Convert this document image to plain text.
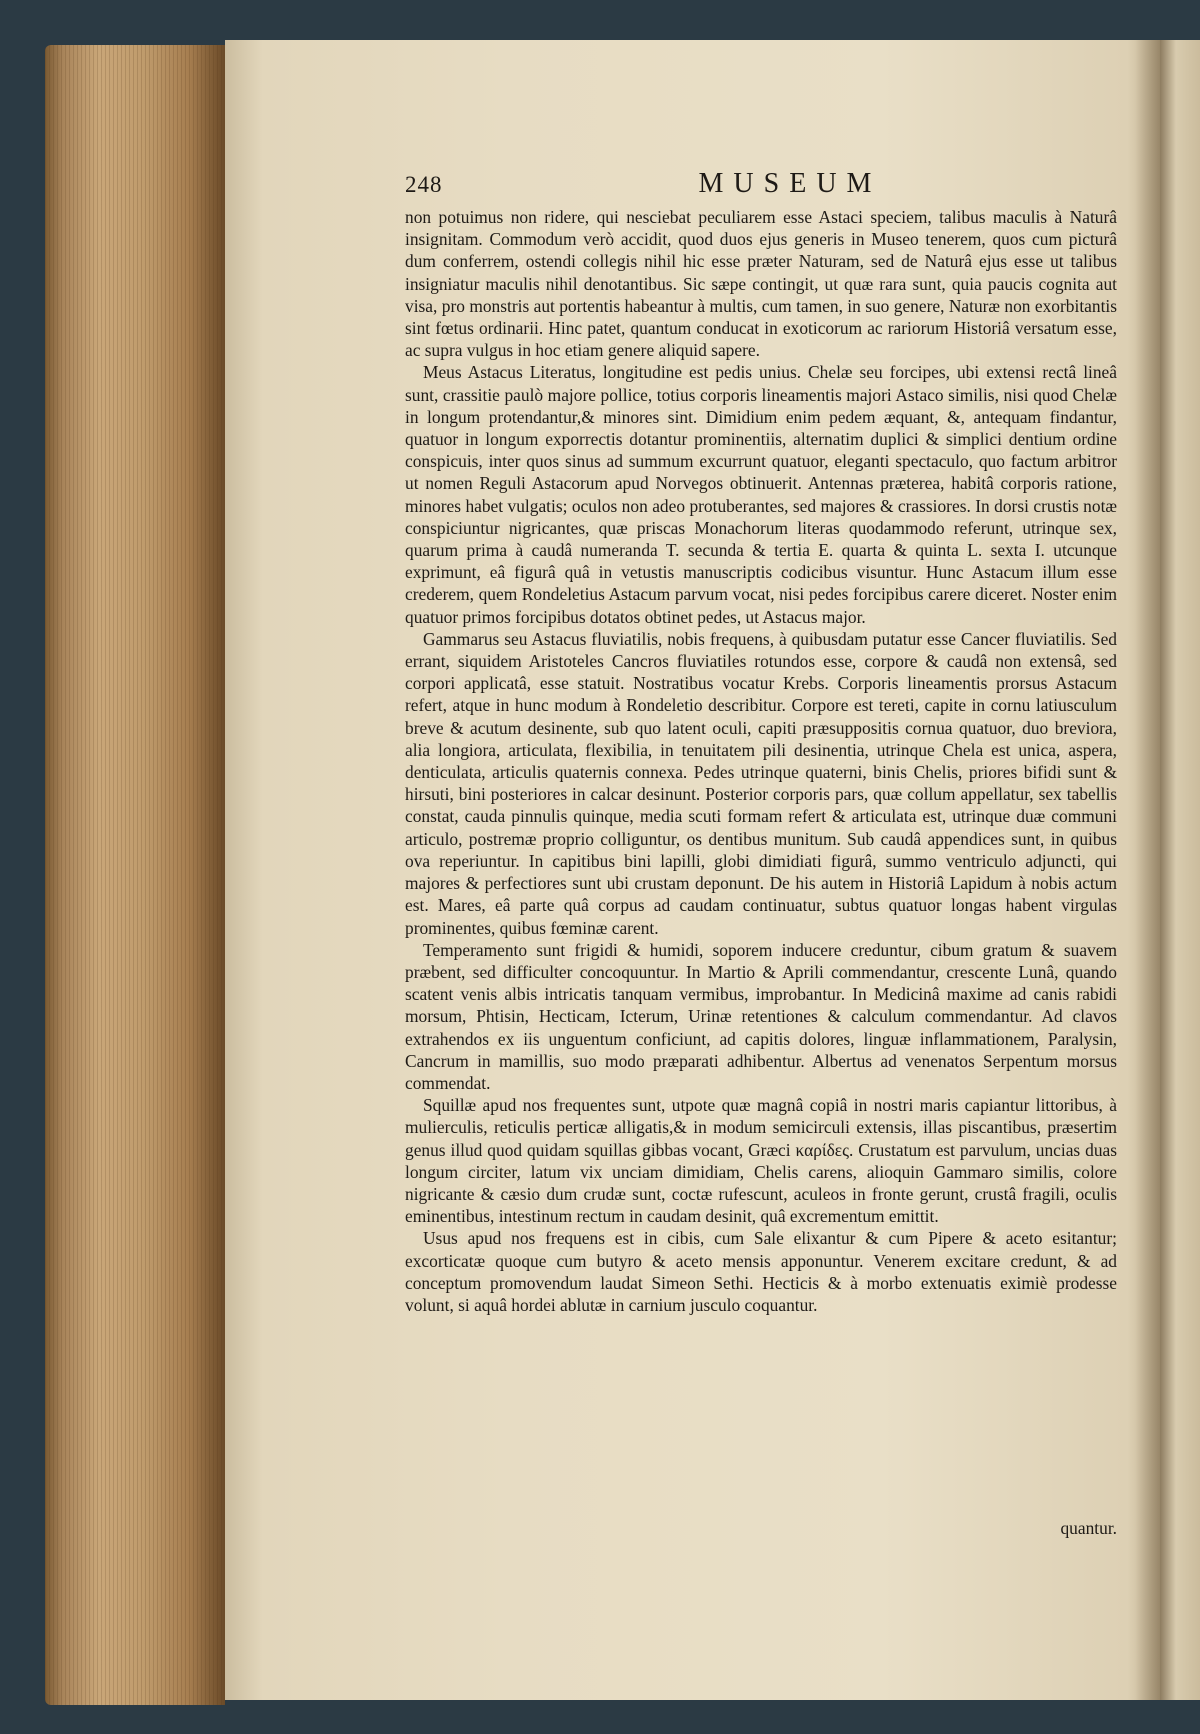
248	MUSEUM

non potuimus non ridere, qui nesciebat peculiarem esse Astaci speciem, talibus maculis à Naturâ insignitam. Commodum verò accidit, quod duos ejus generis in Museo tenerem, quos cum picturâ dum conferrem, ostendi collegis nihil hic esse præter Naturam, sed de Naturâ ejus esse ut talibus insigniatur maculis nihil denotantibus. Sic sæpe contingit, ut quæ rara sunt, quia paucis cognita aut visa, pro monstris aut portentis habeantur à multis, cum tamen, in suo genere, Naturæ non exorbitantis sint fœtus ordinarii. Hinc patet, quantum conducat in exoticorum ac rariorum Historiâ versatum esse, ac supra vulgus in hoc etiam genere aliquid sapere.

Meus Astacus Literatus, longitudine est pedis unius. Chelæ seu forcipes, ubi extensi rectâ lineâ sunt, crassitie paulò majore pollice, totius corporis lineamentis majori Astaco similis, nisi quod Chelæ in longum protendantur,& minores sint. Dimidium enim pedem æquant, &, antequam findantur, quatuor in longum exporrectis dotantur prominentiis, alternatim duplici & simplici dentium ordine conspicuis, inter quos sinus ad summum excurrunt quatuor, eleganti spectaculo, quo factum arbitror ut nomen Reguli Astacorum apud Norvegos obtinuerit. Antennas præterea, habitâ corporis ratione, minores habet vulgatis; oculos non adeo protuberantes, sed majores & crassiores. In dorsi crustis notæ conspiciuntur nigricantes, quæ priscas Monachorum literas quodammodo referunt, utrinque sex, quarum prima à caudâ numeranda T. secunda & tertia E. quarta & quinta L. sexta I. utcunque exprimunt, eâ figurâ quâ in vetustis manuscriptis codicibus visuntur. Hunc Astacum illum esse crederem, quem Rondeletius Astacum parvum vocat, nisi pedes forcipibus carere diceret. Noster enim quatuor primos forcipibus dotatos obtinet pedes, ut Astacus major.

Gammarus seu Astacus fluviatilis, nobis frequens, à quibusdam putatur esse Cancer fluviatilis. Sed errant, siquidem Aristoteles Cancros fluviatiles rotundos esse, corpore & caudâ non extensâ, sed corpori applicatâ, esse statuit. Nostratibus vocatur Krebs. Corporis lineamentis prorsus Astacum refert, atque in hunc modum à Rondeletio describitur. Corpore est tereti, capite in cornu latiusculum breve & acutum desinente, sub quo latent oculi, capiti præsuppositis cornua quatuor, duo breviora, alia longiora, articulata, flexibilia, in tenuitatem pili desinentia, utrinque Chela est unica, aspera, denticulata, articulis quaternis connexa. Pedes utrinque quaterni, binis Chelis, priores bifidi sunt & hirsuti, bini posteriores in calcar desinunt. Posterior corporis pars, quæ collum appellatur, sex tabellis constat, cauda pinnulis quinque, media scuti formam refert & articulata est, utrinque duæ communi articulo, postremæ proprio colliguntur, os dentibus munitum. Sub caudâ appendices sunt, in quibus ova reperiuntur. In capitibus bini lapilli, globi dimidiati figurâ, summo ventriculo adjuncti, qui majores & perfectiores sunt ubi crustam deponunt. De his autem in Historiâ Lapidum à nobis actum est. Mares, eâ parte quâ corpus ad caudam continuatur, subtus quatuor longas habent virgulas prominentes, quibus fœminæ carent.

Temperamento sunt frigidi & humidi, soporem inducere creduntur, cibum gratum & suavem præbent, sed difficulter concoquuntur. In Martio & Aprili commendantur, crescente Lunâ, quando scatent venis albis intricatis tanquam vermibus, improbantur. In Medicinâ maxime ad canis rabidi morsum, Phtisin, Hecticam, Icterum, Urinæ retentiones & calculum commendantur. Ad clavos extrahendos ex iis unguentum conficiunt, ad capitis dolores, linguæ inflammationem, Paralysin, Cancrum in mamillis, suo modo præparati adhibentur. Albertus ad venenatos Serpentum morsus commendat.

Squillæ apud nos frequentes sunt, utpote quæ magnâ copiâ in nostri maris capiantur littoribus, à mulierculis, reticulis perticæ alligatis,& in modum semicirculi extensis, illas piscantibus, præsertim genus illud quod quidam squillas gibbas vocant, Græci καρίδες. Crustatum est parvulum, uncias duas longum circiter, latum vix unciam dimidiam, Chelis carens, alioquin Gammaro similis, colore nigricante & cæsio dum crudæ sunt, coctæ rufescunt, aculeos in fronte gerunt, crustâ fragili, oculis eminentibus, intestinum rectum in caudam desinit, quâ excrementum emittit.

Usus apud nos frequens est in cibis, cum Sale elixantur & cum Pipere & aceto esitantur; excorticatæ quoque cum butyro & aceto mensis apponuntur. Venerem excitare credunt, & ad conceptum promovendum laudat Simeon Sethi. Hecticis & à morbo extenuatis eximiè prodesse volunt, si aquâ hordei ablutæ in carnium jusculo coquantur.

quantur.
